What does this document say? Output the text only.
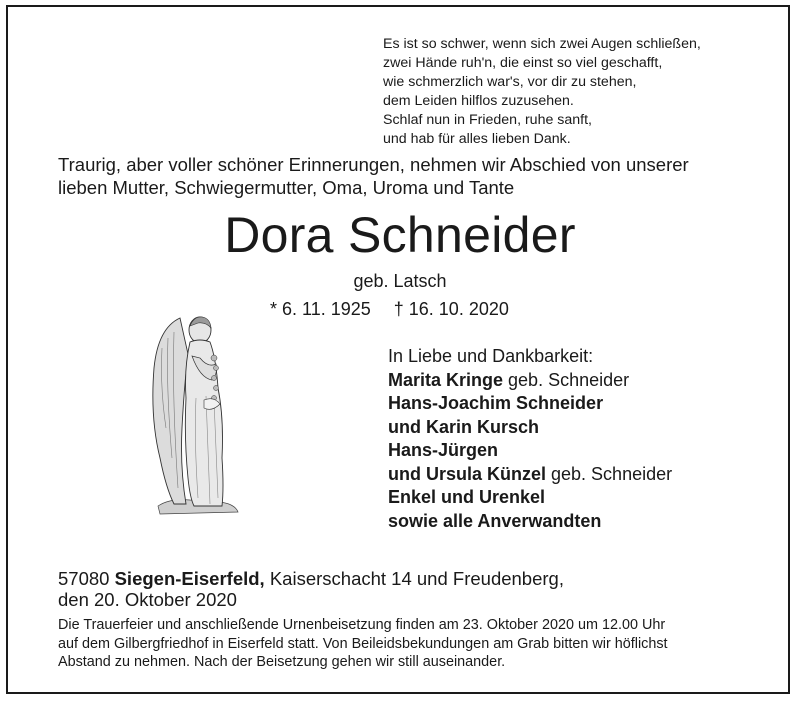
Es ist so schwer, wenn sich zwei Augen schließen,
zwei Hände ruh'n, die einst so viel geschafft,
wie schmerzlich war's, vor dir zu stehen,
dem Leiden hilflos zuzusehen.
Schlaf nun in Frieden, ruhe sanft,
und hab für alles lieben Dank.
Traurig, aber voller schöner Erinnerungen, nehmen wir Abschied von unserer
lieben Mutter, Schwiegermutter, Oma, Uroma und Tante
Dora Schneider
geb. Latsch
* 6. 11. 1925 † 16. 10. 2020
In Liebe und Dankbarkeit:
Marita Kringe geb. Schneider
Hans-Joachim Schneider
und Karin Kursch
Hans-Jürgen
und Ursula Künzel geb. Schneider
Enkel und Urenkel
sowie alle Anverwandten
57080 Siegen-Eiserfeld, Kaiserschacht 14 und Freudenberg,
den 20. Oktober 2020
Die Trauerfeier und anschließende Urnenbeisetzung finden am 23. Oktober 2020 um 12.00 Uhr
auf dem Gilbergfriedhof in Eiserfeld statt. Von Beileidsbekundungen am Grab bitten wir höflichst
Abstand zu nehmen. Nach der Beisetzung gehen wir still auseinander.
